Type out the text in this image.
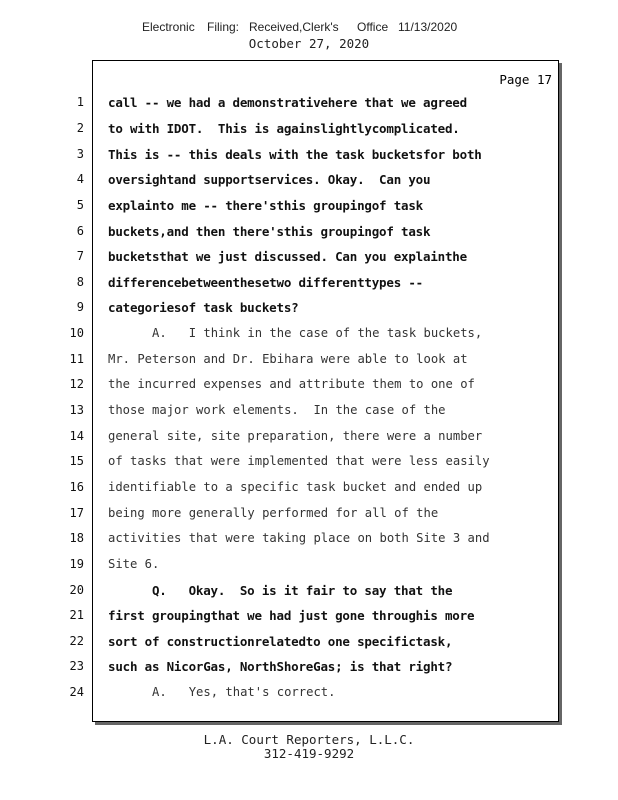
Electronic Filing: Received,Clerk's Office 11/13/2020
October 27, 2020
Page 17
1 call -- we had a demonstrativehere that we agreed
2 to with IDOT.  This is againslightlycomplicated.
3 This is -- this deals with the task bucketsfor both
4 oversightand supportservices. Okay.  Can you
5 explainto me -- there'sthis groupingof task
6 buckets,and then there'sthis groupingof task
7 bucketsthat we just discussed. Can you explainthe
8 differencebetweenthesetwo differenttypes --
9 categoriesof task buckets?
10 A.   I think in the case of the task buckets,
11 Mr. Peterson and Dr. Ebihara were able to look at
12 the incurred expenses and attribute them to one of
13 those major work elements.  In the case of the
14 general site, site preparation, there were a number
15 of tasks that were implemented that were less easily
16 identifiable to a specific task bucket and ended up
17 being more generally performed for all of the
18 activities that were taking place on both Site 3 and
19 Site 6.
20 Q.   Okay.  So is it fair to say that the
21 first groupingthat we had just gone throughis more
22 sort of constructionrelatedto one specifictask,
23 such as NicorGas, NorthShoreGas; is that right?
24 A.   Yes, that's correct.
L.A. Court Reporters, L.L.C.
312-419-9292
